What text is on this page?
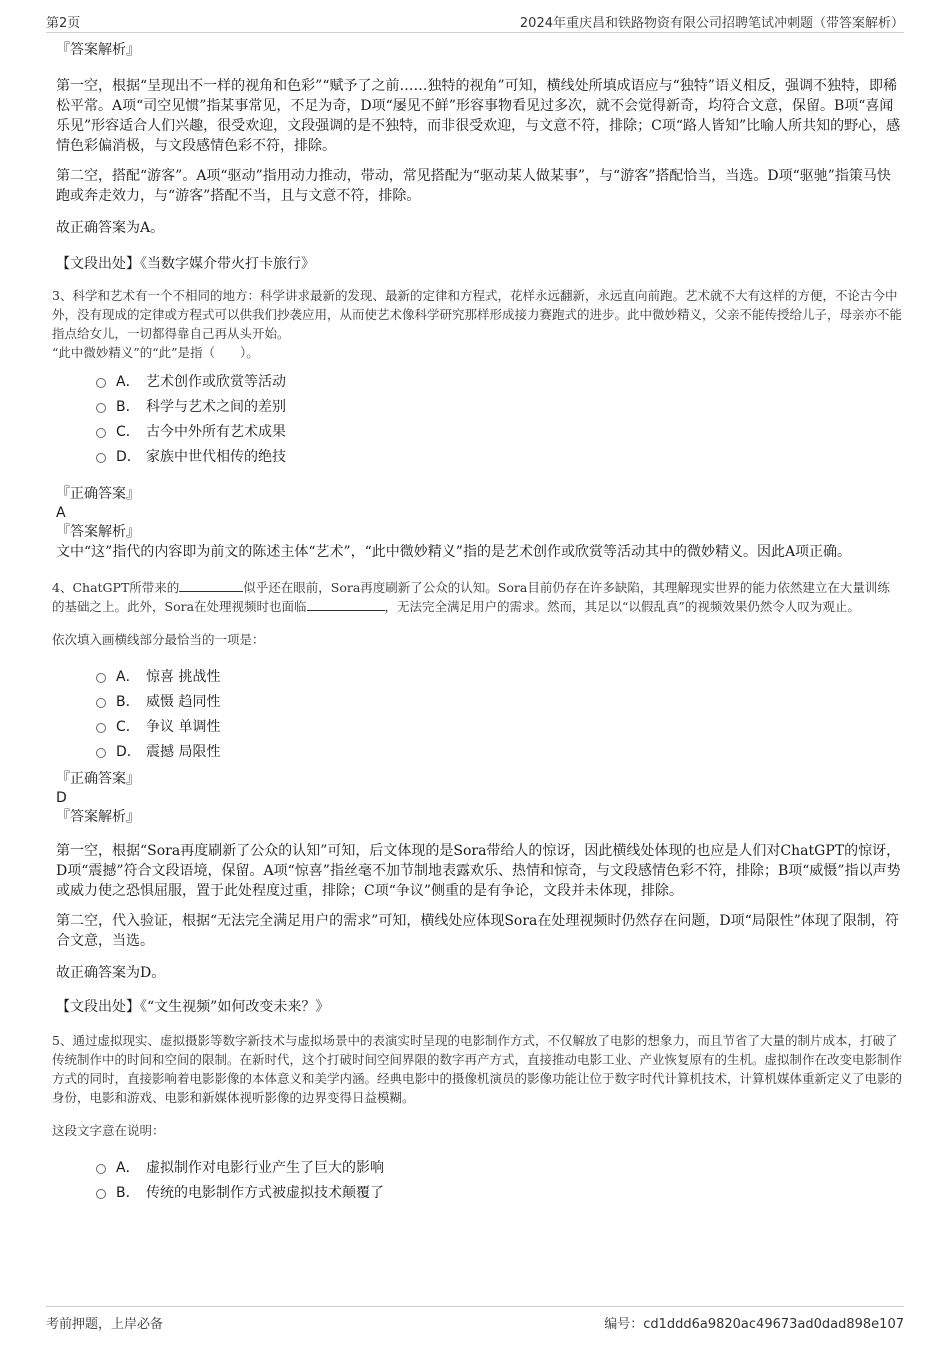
第2页	2024年重庆昌和铁路物资有限公司招聘笔试冲刺题（带答案解析）

『答案解析』

第一空，根据“呈现出不一样的视角和色彩”“赋予了之前……独特的视角”可知，横线处所填成语应与“独特”语义相反，强调不独特，即稀松平常。A项“司空见惯”指某事常见，不足为奇，D项“屡见不鲜”形容事物看见过多次，就不会觉得新奇，均符合文意，保留。B项“喜闻乐见”形容适合人们兴趣，很受欢迎，文段强调的是不独特，而非很受欢迎，与文意不符，排除；C项“路人皆知”比喻人所共知的野心，感情色彩偏消极，与文段感情色彩不符，排除。

第二空，搭配“游客”。A项“驱动”指用动力推动，带动，常见搭配为“驱动某人做某事”，与“游客”搭配恰当，当选。D项“驱驰”指策马快跑或奔走效力，与“游客”搭配不当，且与文意不符，排除。

故正确答案为A。

【文段出处】《当数字媒介带火打卡旅行》

3、科学和艺术有一个不相同的地方：科学讲求最新的发现、最新的定律和方程式，花样永远翻新，永远直向前跑。艺术就不大有这样的方便，不论古今中外，没有现成的定律或方程式可以供我们抄袭应用，从而使艺术像科学研究那样形成接力赛跑式的进步。此中微妙精义，父亲不能传授给儿子，母亲亦不能指点给女儿，一切都得靠自己再从头开始。

“此中微妙精义”的“此”是指（　　）。

A． 艺术创作或欣赏等活动
B． 科学与艺术之间的差别
C． 古今中外所有艺术成果
D． 家族中世代相传的绝技

『正确答案』

A

『答案解析』

文中“这”指代的内容即为前文的陈述主体“艺术”，“此中微妙精义”指的是艺术创作或欣赏等活动其中的微妙精义。因此A项正确。

4、ChatGPT所带来的	似乎还在眼前，Sora再度刷新了公众的认知。Sora目前仍存在许多缺陷，其理解现实世界的能力依然建立在大量训练的基础之上。此外，Sora在处理视频时也面临	，无法完全满足用户的需求。然而，其足以“以假乱真”的视频效果仍然令人叹为观止。

依次填入画横线部分最恰当的一项是：

A． 惊喜 挑战性
B． 威慑 趋同性
C． 争议 单调性
D． 震撼 局限性

『正确答案』

D

『答案解析』

第一空，根据“Sora再度刷新了公众的认知”可知，后文体现的是Sora带给人的惊讶，因此横线处体现的也应是人们对ChatGPT的惊讶，D项“震撼”符合文段语境，保留。A项“惊喜”指丝毫不加节制地表露欢乐、热情和惊奇，与文段感情色彩不符，排除；B项“威慑”指以声势或威力使之恐惧屈服，置于此处程度过重，排除；C项“争议”侧重的是有争论，文段并未体现，排除。

第二空，代入验证，根据“无法完全满足用户的需求”可知，横线处应体现Sora在处理视频时仍然存在问题，D项“局限性”体现了限制，符合文意，当选。

故正确答案为D。

【文段出处】《“文生视频”如何改变未来？》

5、通过虚拟现实、虚拟摄影等数字新技术与虚拟场景中的表演实时呈现的电影制作方式，不仅解放了电影的想象力，而且节省了大量的制片成本，打破了传统制作中的时间和空间的限制。在新时代，这个打破时间空间界限的数字再产方式，直接推动电影工业、产业恢复原有的生机。虚拟制作在改变电影制作方式的同时，直接影响着电影影像的本体意义和美学内涵。经典电影中的摄像机演员的影像功能让位于数字时代计算机技术，计算机媒体重新定义了电影的身份，电影和游戏、电影和新媒体视听影像的边界变得日益模糊。

这段文字意在说明：

A． 虚拟制作对电影行业产生了巨大的影响
B． 传统的电影制作方式被虚拟技术颠覆了
考前押题，上岸必备	编号：cd1ddd6a9820ac49673ad0dad898e107
